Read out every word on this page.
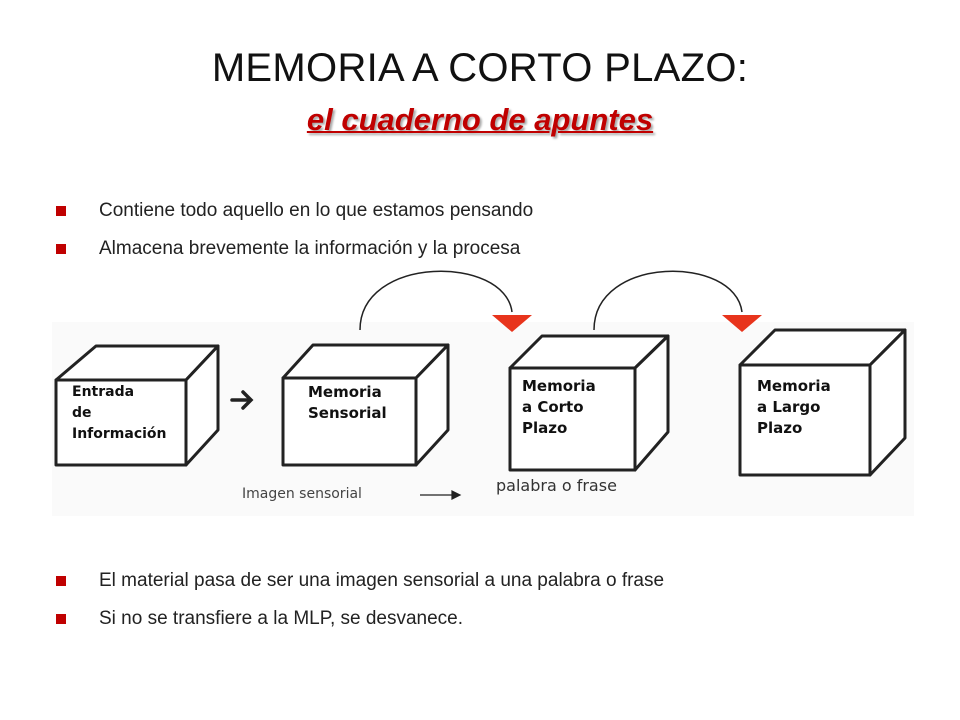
MEMORIA A CORTO PLAZO:
el cuaderno de apuntes
Contiene todo aquello en lo que estamos pensando
Almacena brevemente la información y la procesa
Entrada
de
Información
Memoria
Sensorial
Memoria
a Corto
Plazo
Memoria
a Largo
Plazo
Imagen sensorial	palabra o frase
El material pasa de ser una imagen sensorial a una palabra o frase
Si no se transfiere a la MLP, se desvanece.
